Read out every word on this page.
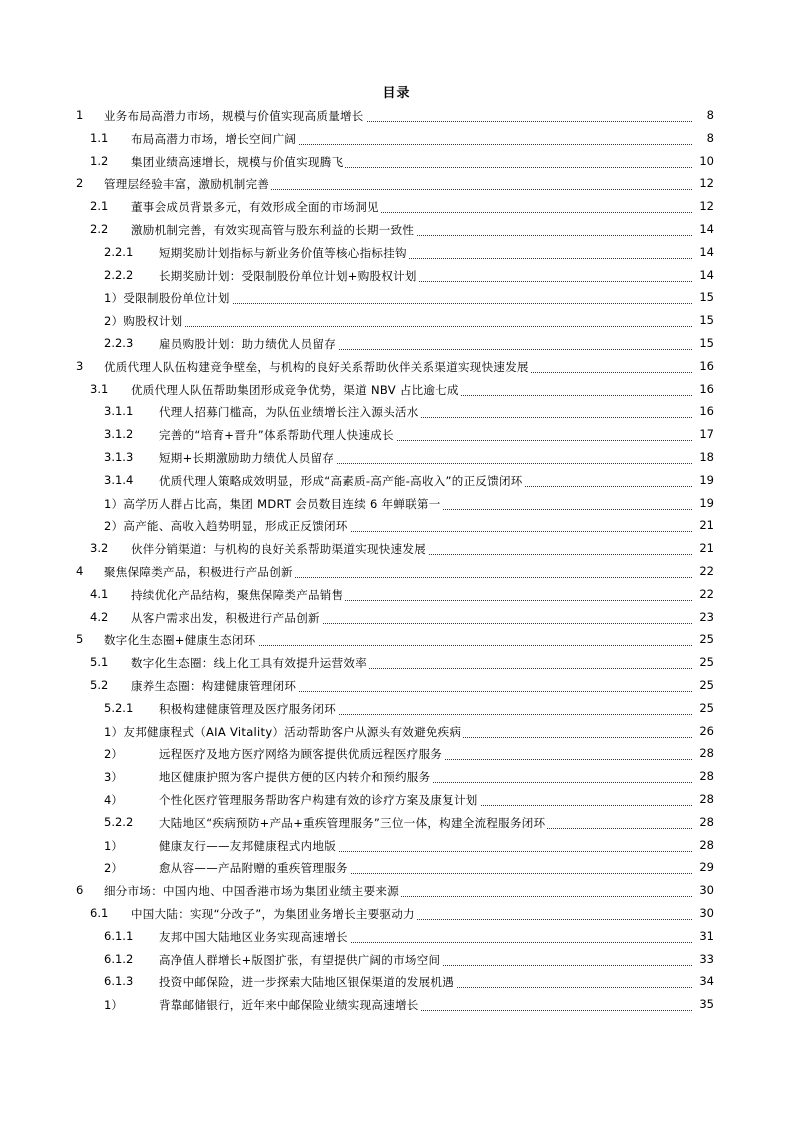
目录
1 业务布局高潜力市场，规模与价值实现高质量增长	8
1.1 布局高潜力市场，增长空间广阔	8
1.2 集团业绩高速增长，规模与价值实现腾飞	10
2 管理层经验丰富，激励机制完善	12
2.1 董事会成员背景多元，有效形成全面的市场洞见	12
2.2 激励机制完善，有效实现高管与股东利益的长期一致性	14
2.2.1 短期奖励计划指标与新业务价值等核心指标挂钩	14
2.2.2 长期奖励计划：受限制股份单位计划+购股权计划	14
1）受限制股份单位计划	15
2）购股权计划	15
2.2.3 雇员购股计划：助力绩优人员留存	15
3 优质代理人队伍构建竞争壁垒，与机构的良好关系帮助伙伴关系渠道实现快速发展	16
3.1 优质代理人队伍帮助集团形成竞争优势，渠道 NBV 占比逾七成	16
3.1.1 代理人招募门槛高，为队伍业绩增长注入源头活水	16
3.1.2 完善的“培育+晋升”体系帮助代理人快速成长	17
3.1.3 短期+长期激励助力绩优人员留存	18
3.1.4 优质代理人策略成效明显，形成“高素质-高产能-高收入”的正反馈闭环	19
1）高学历人群占比高，集团 MDRT 会员数目连续 6 年蝉联第一	19
2）高产能、高收入趋势明显，形成正反馈闭环	21
3.2 伙伴分销渠道：与机构的良好关系帮助渠道实现快速发展	21
4 聚焦保障类产品，积极进行产品创新	22
4.1 持续优化产品结构，聚焦保障类产品销售	22
4.2 从客户需求出发，积极进行产品创新	23
5 数字化生态圈+健康生态闭环	25
5.1 数字化生态圈：线上化工具有效提升运营效率	25
5.2 康养生态圈：构建健康管理闭环	25
5.2.1 积极构建健康管理及医疗服务闭环	25
1）友邦健康程式（AIA Vitality）活动帮助客户从源头有效避免疾病	26
2）	远程医疗及地方医疗网络为顾客提供优质远程医疗服务	28
3）	地区健康护照为客户提供方便的区内转介和预约服务	28
4）	个性化医疗管理服务帮助客户构建有效的诊疗方案及康复计划	28
5.2.2 大陆地区“疾病预防+产品+重疾管理服务”三位一体，构建全流程服务闭环	28
1）	健康友行——友邦健康程式内地版	28
2）	愈从容——产品附赠的重疾管理服务	29
6 细分市场：中国内地、中国香港市场为集团业绩主要来源	30
6.1 中国大陆：实现“分改子”，为集团业务增长主要驱动力	30
6.1.1 友邦中国大陆地区业务实现高速增长	31
6.1.2 高净值人群增长+版图扩张，有望提供广阔的市场空间	33
6.1.3 投资中邮保险，进一步探索大陆地区银保渠道的发展机遇	34
1）	背靠邮储银行，近年来中邮保险业绩实现高速增长	35
